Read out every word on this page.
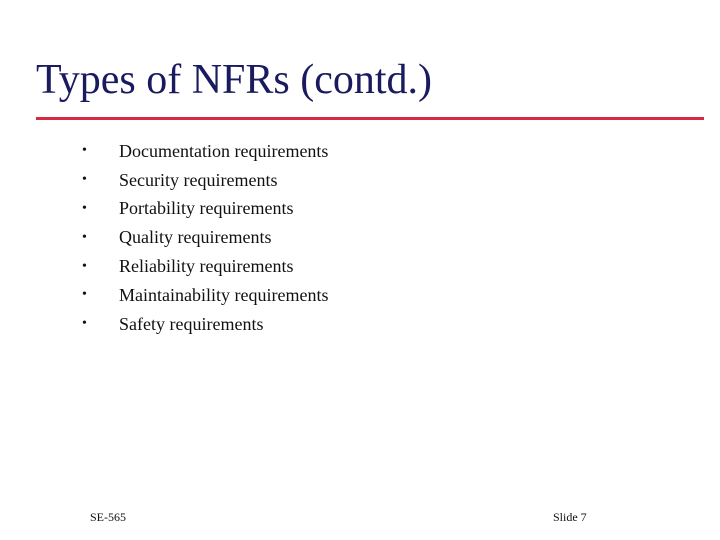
Types of NFRs (contd.)
•	Documentation requirements
•	Security requirements
•	Portability requirements
•	Quality requirements
•	Reliability requirements
•	Maintainability requirements
•	Safety requirements
SE-565	Slide 7
